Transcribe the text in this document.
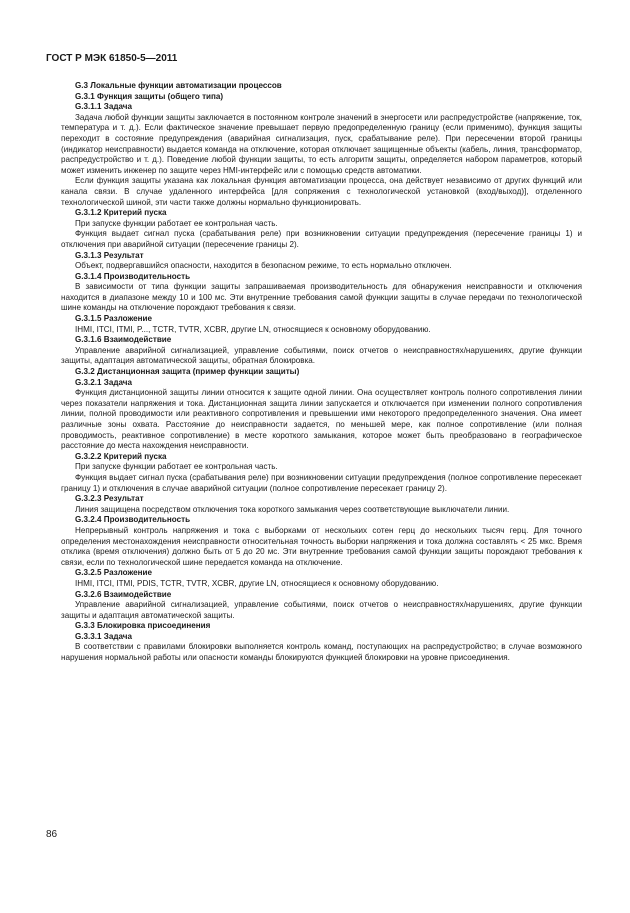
ГОСТ Р МЭК 61850-5—2011

G.3 Локальные функции автоматизации процессов

G.3.1 Функция защиты (общего типа)

G.3.1.1 Задача

Задача любой функции защиты заключается в постоянном контроле значений в энергосети или распредустройстве (напряжение, ток, температура и т. д.). Если фактическое значение превышает первую предопределенную границу (если применимо), функция защиты переходит в состояние предупреждения (аварийная сигнализация, пуск, срабатывание реле). При пересечении второй границы (индикатор неисправности) выдается команда на отключение, которая отключает защищенные объекты (кабель, линия, трансформатор, распредустройство и т. д.). Поведение любой функции защиты, то есть алгоритм защиты, определяется набором параметров, который может изменить инженер по защите через HMI-интерфейс или с помощью средств автоматики.

Если функция защиты указана как локальная функция автоматизации процесса, она действует независимо от других функций или канала связи. В случае удаленного интерфейса [для сопряжения с технологической установкой (вход/выход)], отделенного технологической шиной, эти части также должны нормально функционировать.

G.3.1.2 Критерий пуска

При запуске функции работает ее контрольная часть.

Функция выдает сигнал пуска (срабатывания реле) при возникновении ситуации предупреждения (пересечение границы 1) и отключения при аварийной ситуации (пересечение границы 2).

G.3.1.3 Результат

Объект, подвергавшийся опасности, находится в безопасном режиме, то есть нормально отключен.

G.3.1.4 Производительность

В зависимости от типа функции защиты запрашиваемая производительность для обнаружения неисправности и отключения находится в диапазоне между 10 и 100 мс. Эти внутренние требования самой функции защиты в случае передачи по технологической шине команды на отключение порождают требования к связи.

G.3.1.5 Разложение

IHMI, ITCI, ITMI, P..., TCTR, TVTR, XCBR, другие LN, относящиеся к основному оборудованию.

G.3.1.6 Взаимодействие

Управление аварийной сигнализацией, управление событиями, поиск отчетов о неисправностях/нарушениях, другие функции защиты, адаптация автоматической защиты, обратная блокировка.

G.3.2 Дистанционная защита (пример функции защиты)

G.3.2.1 Задача

Функция дистанционной защиты линии относится к защите одной линии. Она осуществляет контроль полного сопротивления линии через показатели напряжения и тока. Дистанционная защита линии запускается и отключается при изменении полного сопротивления линии, полной проводимости или реактивного сопротивления и превышении ими некоторого предопределенного значения. Она имеет различные зоны охвата. Расстояние до неисправности задается, по меньшей мере, как полное сопротивление (или полная проводимость, реактивное сопротивление) в месте короткого замыкания, которое может быть преобразовано в географическое расстояние до места нахождения неисправности.

G.3.2.2 Критерий пуска

При запуске функции работает ее контрольная часть.

Функция выдает сигнал пуска (срабатывания реле) при возникновении ситуации предупреждения (полное сопротивление пересекает границу 1) и отключения в случае аварийной ситуации (полное сопротивление пересекает границу 2).

G.3.2.3 Результат

Линия защищена посредством отключения тока короткого замыкания через соответствующие выключатели линии.

G.3.2.4 Производительность

Непрерывный контроль напряжения и тока с выборками от нескольких сотен герц до нескольких тысяч герц. Для точного определения местонахождения неисправности относительная точность выборки напряжения и тока должна составлять < 25 мкс. Время отклика (время отключения) должно быть от 5 до 20 мс. Эти внутренние требования самой функции защиты порождают требования к связи, если по технологической шине передается команда на отключение.

G.3.2.5 Разложение

IHMI, ITCI, ITMI, PDIS, TCTR, TVTR, XCBR, другие LN, относящиеся к основному оборудованию.

G.3.2.6 Взаимодействие

Управление аварийной сигнализацией, управление событиями, поиск отчетов о неисправностях/нарушениях, другие функции защиты и адаптация автоматической защиты.

G.3.3 Блокировка присоединения

G.3.3.1 Задача

В соответствии с правилами блокировки выполняется контроль команд, поступающих на распредустройство; в случае возможного нарушения нормальной работы или опасности команды блокируются функцией блокировки на уровне присоединения.

86
